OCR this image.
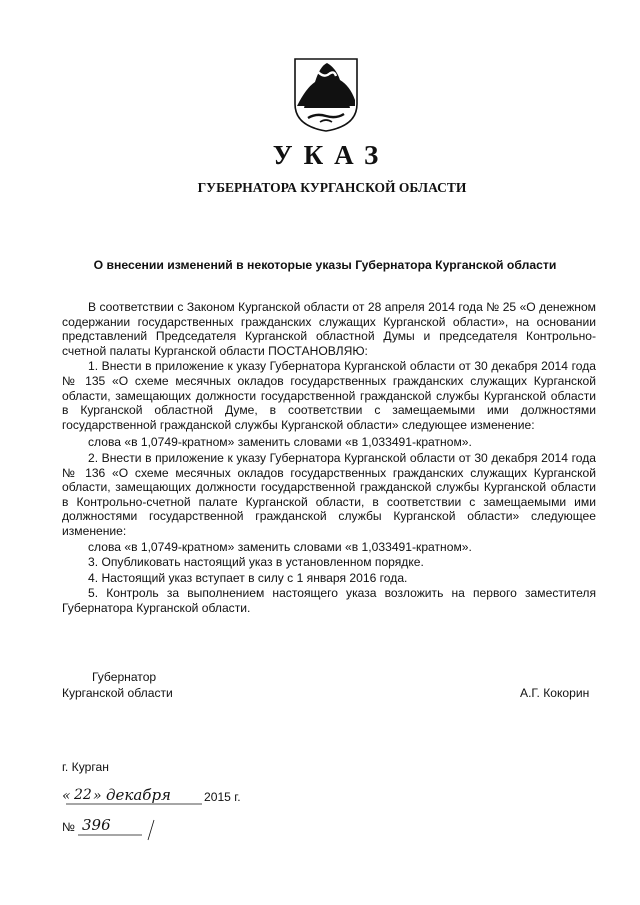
УКАЗ
ГУБЕРНАТОРА КУРГАНСКОЙ ОБЛАСТИ
О внесении изменений в некоторые указы Губернатора Курганской области

В соответствии с Законом Курганской области от 28 апреля 2014 года № 25 «О денежном содержании государственных гражданских служащих Курганской области», на основании представлений Председателя Курганской областной Думы и председателя Контрольно-счетной палаты Курганской области ПОСТАНОВЛЯЮ:

1. Внести в приложение к указу Губернатора Курганской области от 30 декабря 2014 года № 135 «О схеме месячных окладов государственных гражданских служащих Курганской области, замещающих должности государственной гражданской службы Курганской области в Курганской областной Думе, в соответствии с замещаемыми ими должностями государственной гражданской службы Курганской области» следующее изменение:

слова «в 1,0749-кратном» заменить словами «в 1,033491-кратном».

2. Внести в приложение к указу Губернатора Курганской области от 30 декабря 2014 года № 136 «О схеме месячных окладов государственных гражданских служащих Курганской области, замещающих должности государственной гражданской службы Курганской области в Контрольно-счетной палате Курганской области, в соответствии с замещаемыми ими должностями государственной гражданской службы Курганской области» следующее изменение:

слова «в 1,0749-кратном» заменить словами «в 1,033491-кратном».

3. Опубликовать настоящий указ в установленном порядке.

4. Настоящий указ вступает в силу с 1 января 2016 года.

5. Контроль за выполнением настоящего указа возложить на первого заместителя Губернатора Курганской области.

Губернатор
Курганской области	А.Г. Кокорин
г. Курган
« 22 » декабря	2015 г.
№ 396
